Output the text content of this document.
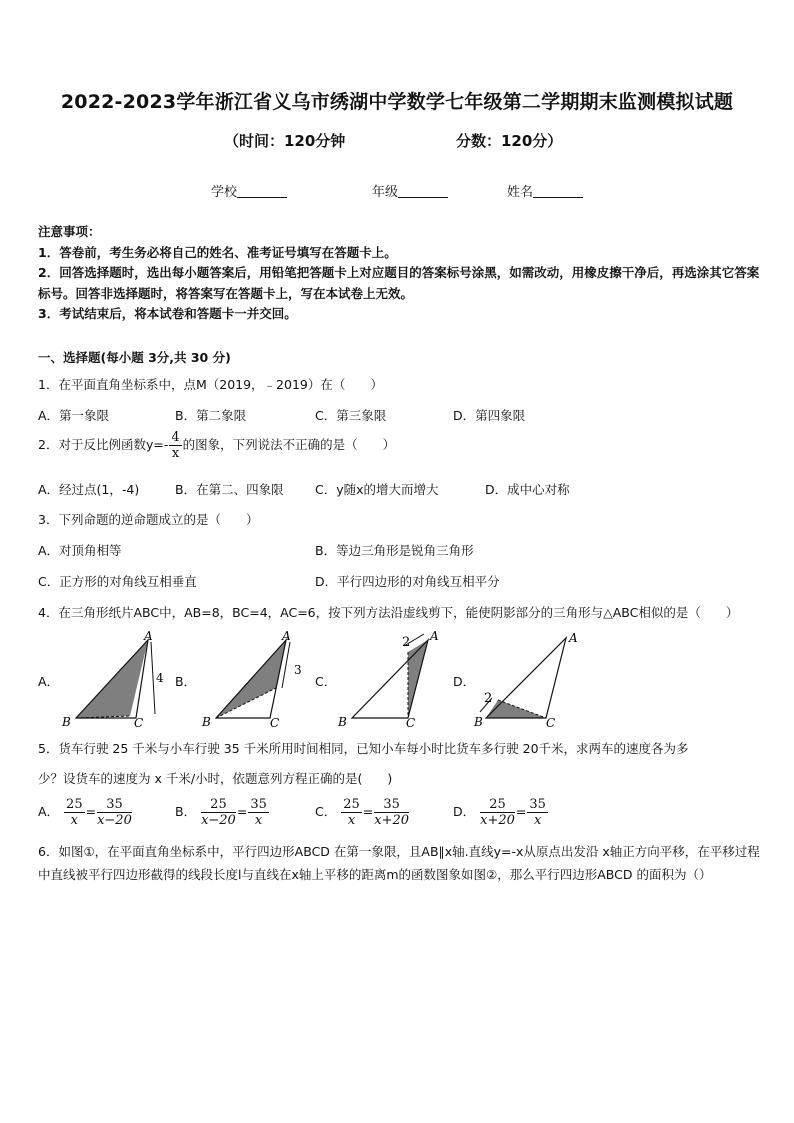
2022-2023学年浙江省义乌市绣湖中学数学七年级第二学期期末监测模拟试题
（时间：120分钟	分数：120分）
学校	年级	姓名
注意事项：
1．答卷前，考生务必将自己的姓名、准考证号填写在答题卡上。
2．回答选择题时，选出每小题答案后，用铅笔把答题卡上对应题目的答案标号涂黑，如需改动，用橡皮擦干净后，再选涂其它答案标号。回答非选择题时，将答案写在答题卡上，写在本试卷上无效。
3．考试结束后，将本试卷和答题卡一并交回。
一、选择题(每小题 3分,共 30 分)
1．在平面直角坐标系中，点M（2019，﹣2019）在（　　）
A．第一象限	B．第二象限	C．第三象限	D．第四象限
2．对于反比例函数$y=- \frac{4}{x}$ 的图象，下列说法不正确的是（　　）
A．经过点(1，-4)	B．在第二、四象限	C．y随x的增大而增大	D．成中心对称
3．下列命题的逆命题成立的是（　　）
A．对顶角相等	B．等边三角形是锐角三角形
C．正方形的对角线互相垂直	D．平行四边形的对角线互相平分
4．在三角形纸片ABC中，AB=8，BC=4，AC=6，按下列方法沿虚线剪下，能使阴影部分的三角形与△ABC相似的是（　　）
A．	B．	C．	D．
A
B	C
4
A
B	C
3
A
B	C
2	A
B	C
2
5．货车行驶 25 千米与小车行驶 35 千米所用时间相同，已知小车每小时比货车多行驶 20千米，求两车的速度各为多
少？设货车的速度为 x 千米/小时，依题意列方程正确的是(　　)
A． $\frac{25}{x} = \frac{35}{x-20}$	B． $\frac{25}{x-20} = \frac{35}{x}$	C． $\frac{25}{x} = \frac{35}{x+20}$	D． $\frac{25}{x+20} = \frac{35}{x}$
6．如图①，在平面直角坐标系中，平行四边形ABCD 在第一象限，且AB∥x轴.直线y=-x从原点出发沿 x轴正方向平移，在平移过程中直线被平行四边形截得的线段长度l与直线在x轴上平移的距离m的函数图象如图②，那么平行四边形ABCD 的面积为（）
